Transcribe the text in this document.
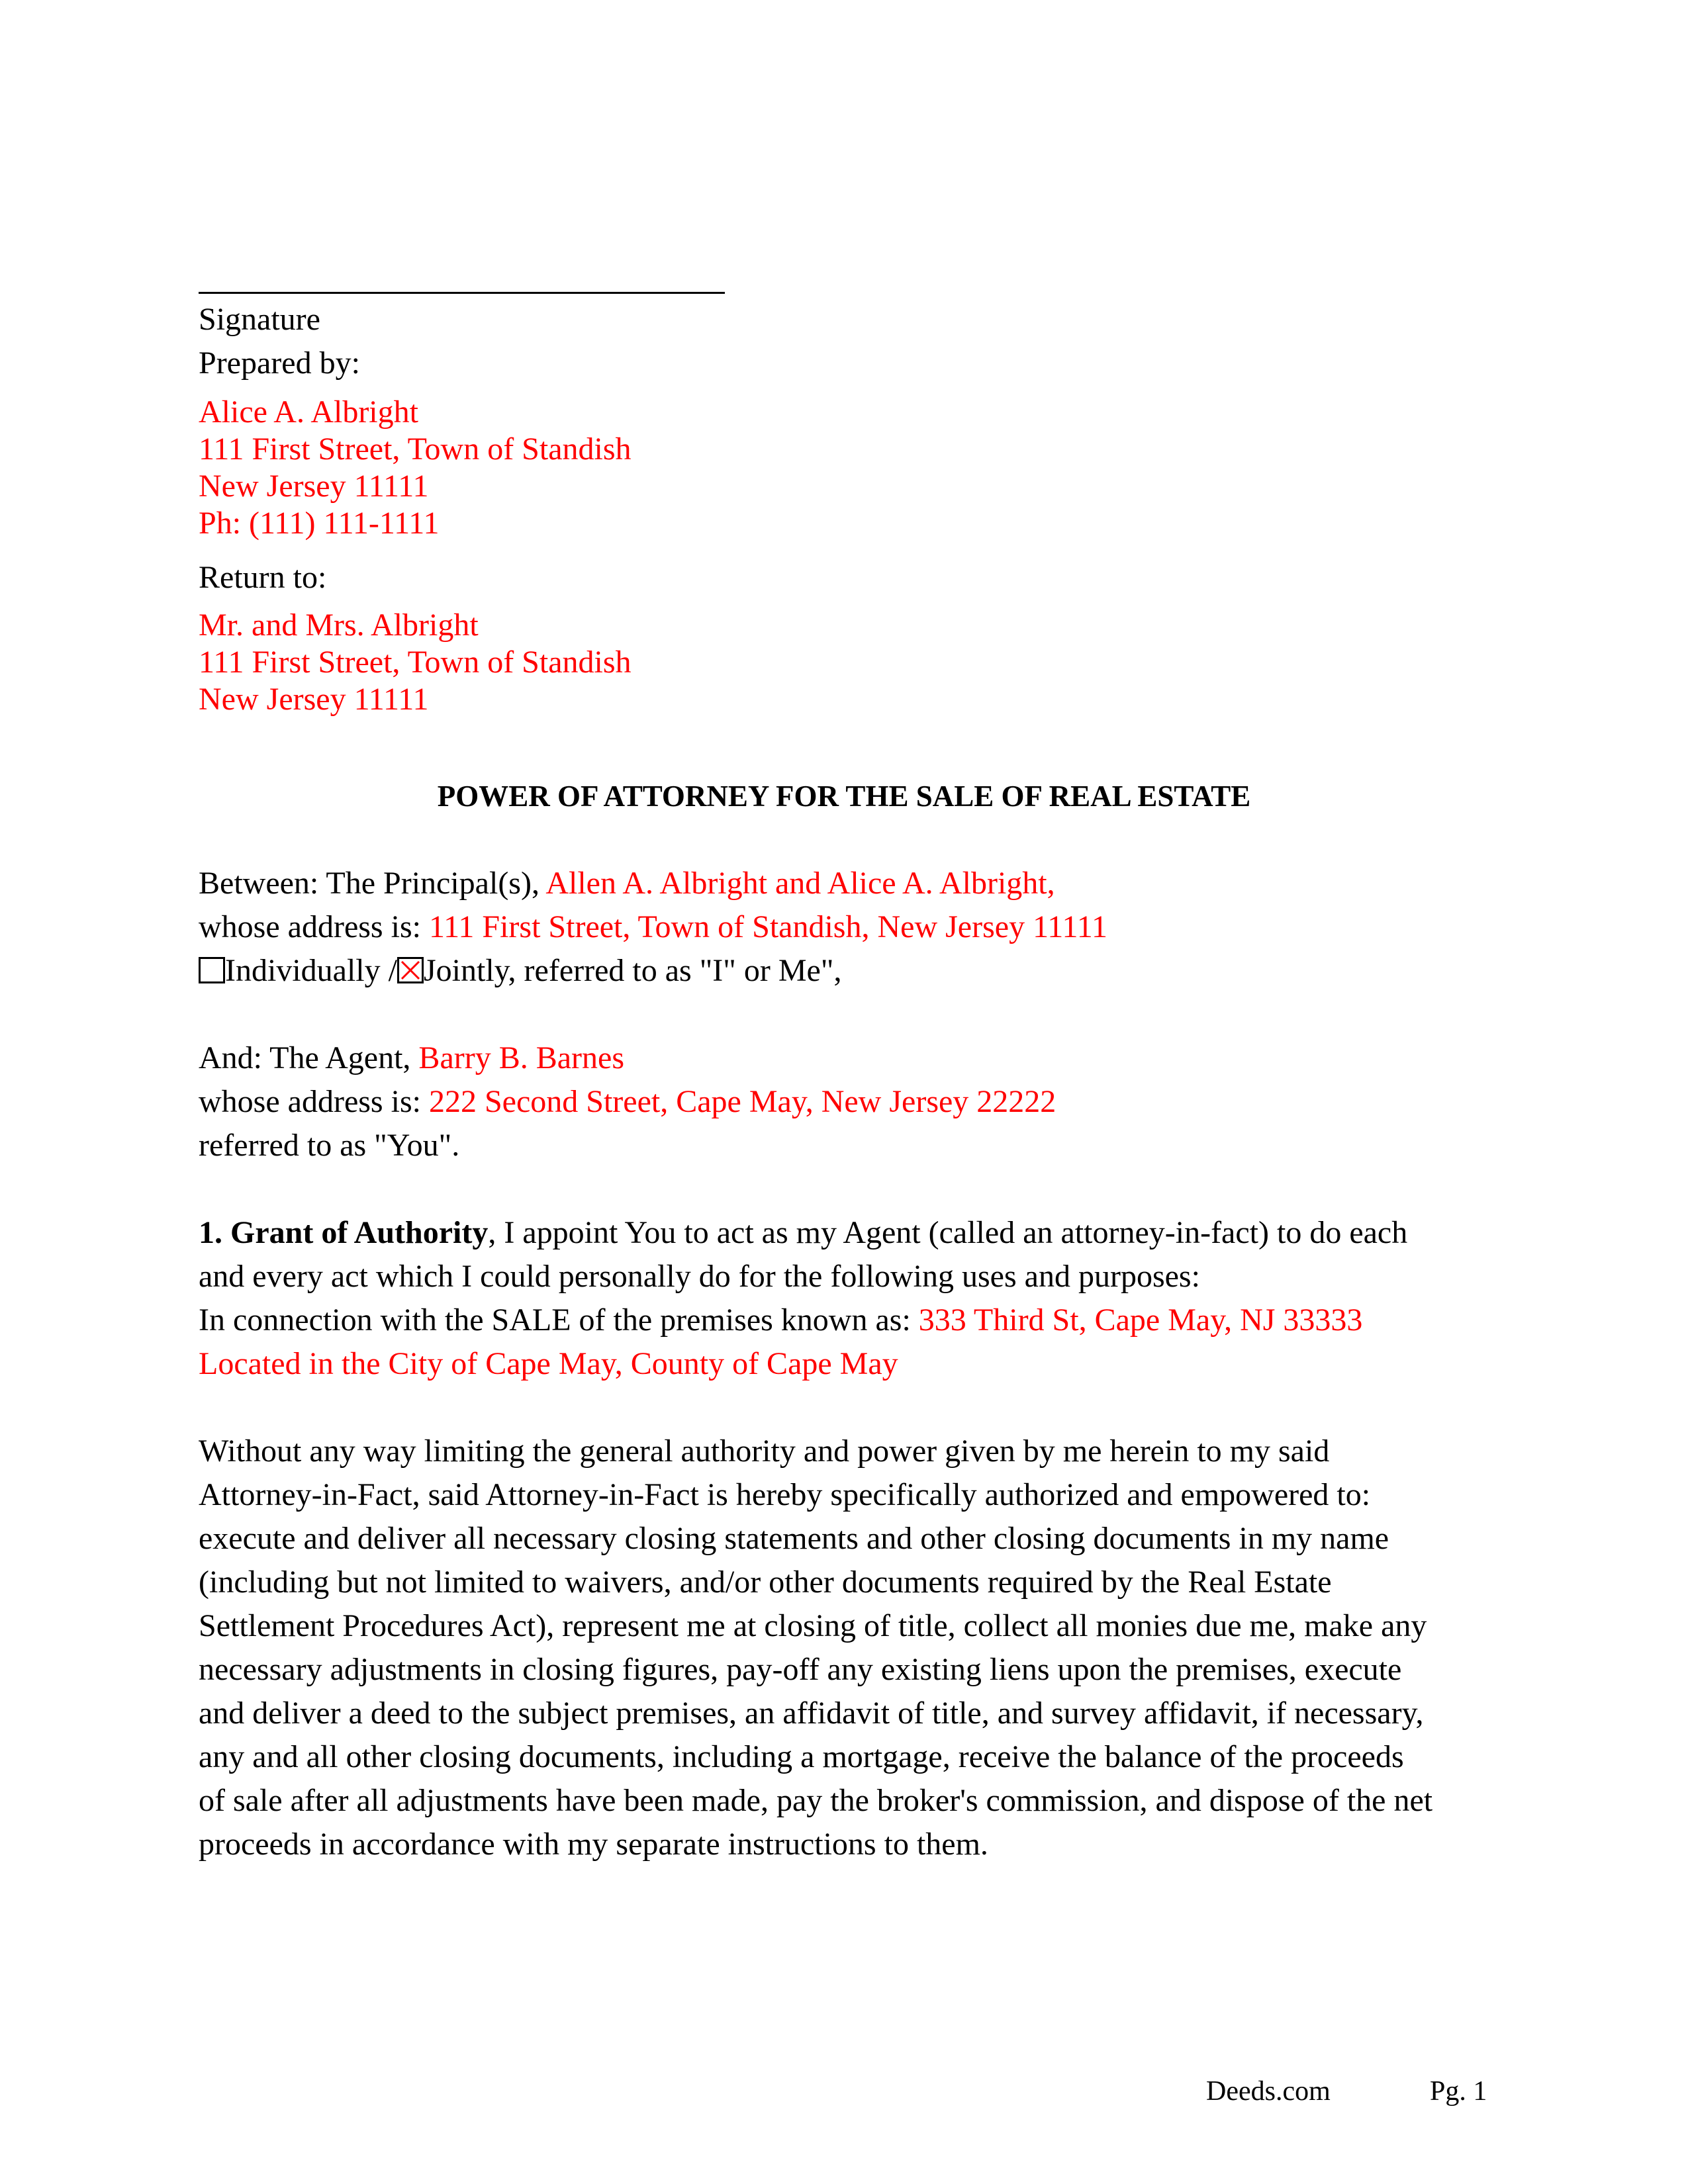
Signature
Prepared by:
Alice A. Albright
111 First Street, Town of Standish
New Jersey 11111
Ph: (111) 111-1111
Return to:
Mr. and Mrs. Albright
111 First Street, Town of Standish
New Jersey 11111
POWER OF ATTORNEY FOR THE SALE OF REAL ESTATE
Between: The Principal(s), Allen A. Albright and Alice A. Albright,
whose address is: 111 First Street, Town of Standish, New Jersey 11111
Individually / Jointly, referred to as "I" or Me",
And: The Agent, Barry B. Barnes
whose address is: 222 Second Street, Cape May, New Jersey 22222
referred to as "You".
1. Grant of Authority, I appoint You to act as my Agent (called an attorney-in-fact) to do each
and every act which I could personally do for the following uses and purposes:
In connection with the SALE of the premises known as: 333 Third St, Cape May, NJ 33333
Located in the City of Cape May, County of Cape May
Without any way limiting the general authority and power given by me herein to my said
Attorney-in-Fact, said Attorney-in-Fact is hereby specifically authorized and empowered to:
execute and deliver all necessary closing statements and other closing documents in my name
(including but not limited to waivers, and/or other documents required by the Real Estate
Settlement Procedures Act), represent me at closing of title, collect all monies due me, make any
necessary adjustments in closing figures, pay-off any existing liens upon the premises, execute
and deliver a deed to the subject premises, an affidavit of title, and survey affidavit, if necessary,
any and all other closing documents, including a mortgage, receive the balance of the proceeds
of sale after all adjustments have been made, pay the broker's commission, and dispose of the net
proceeds in accordance with my separate instructions to them.
Deeds.com	Pg. 1
